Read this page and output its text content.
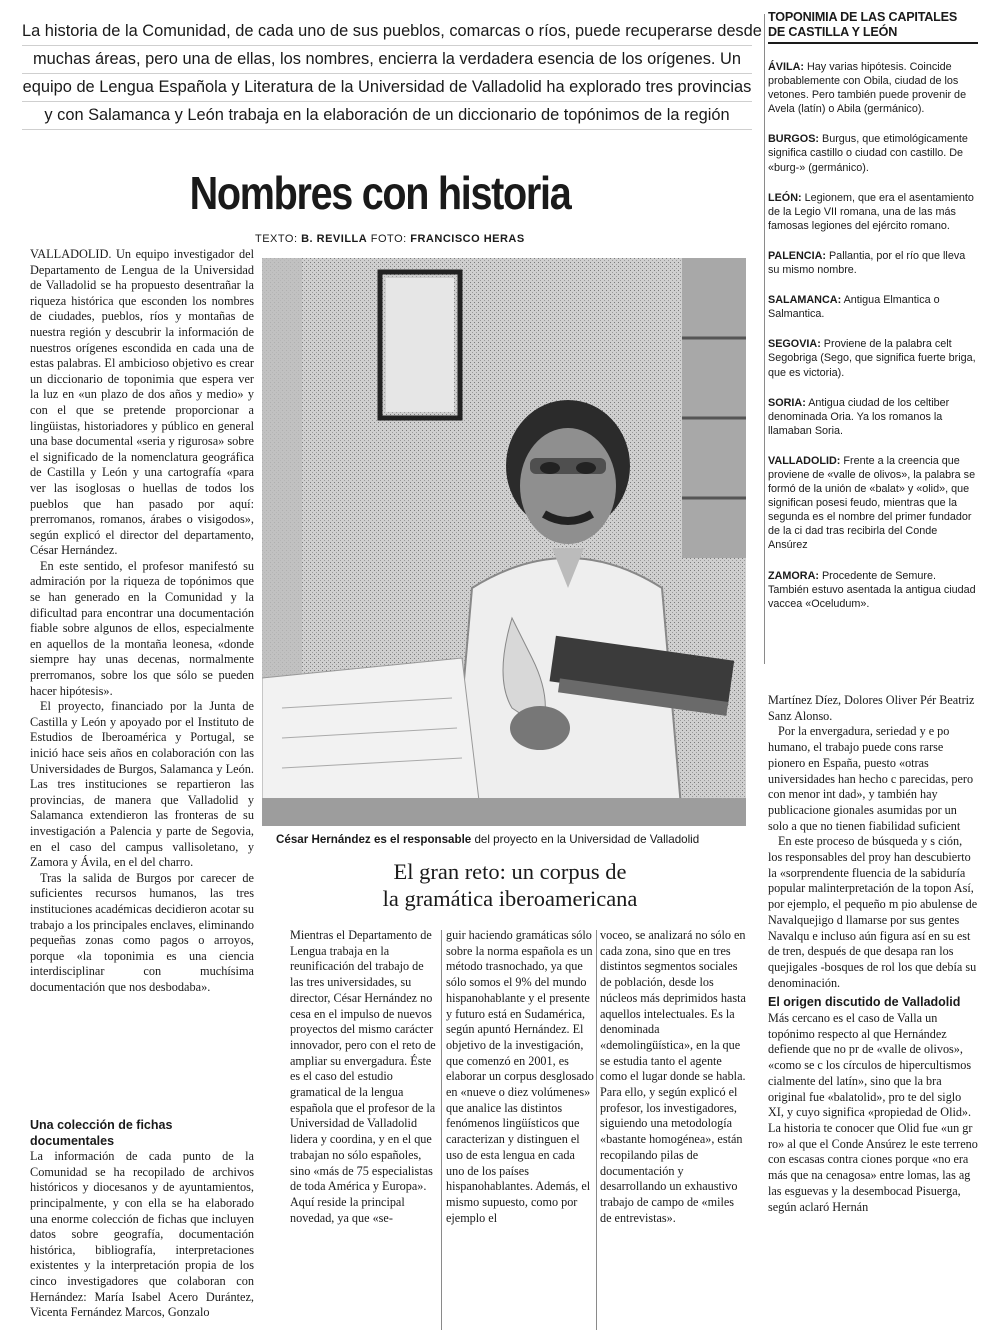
La historia de la Comunidad, de cada uno de sus pueblos, comarcas o ríos, puede recuperarse desde
muchas áreas, pero una de ellas, los nombres, encierra la verdadera esencia de los orígenes. Un
equipo de Lengua Española y Literatura de la Universidad de Valladolid ha explorado tres provincias
y con Salamanca y León trabaja en la elaboración de un diccionario de topónimos de la región
Nombres con historia
TEXTO: B. REVILLA FOTO: FRANCISCO HERAS

VALLADOLID. Un equipo investigador del Departamento de Lengua de la Universidad de Valladolid se ha propuesto desentrañar la riqueza histórica que esconden los nombres de ciudades, pueblos, ríos y montañas de nuestra región y descubrir la información de nuestros orígenes escondida en cada una de estas palabras. El ambicioso objetivo es crear un diccionario de toponimia que espera ver la luz en «un plazo de dos años y medio» y con el que se pretende proporcionar a lingüistas, historiadores y público en general una base documental «seria y rigurosa» sobre el significado de la nomenclatura geográfica de Castilla y León y una cartografía «para ver las isoglosas o huellas de todos los pueblos que han pasado por aquí: prerromanos, romanos, árabes o visigodos», según explicó el director del departamento, César Hernández.

En este sentido, el profesor manifestó su admiración por la riqueza de topónimos que se han generado en la Comunidad y la dificultad para encontrar una documentación fiable sobre algunos de ellos, especialmente en aquellos de la montaña leonesa, «donde siempre hay unas decenas, normalmente prerromanos, sobre los que sólo se pueden hacer hipótesis».

El proyecto, financiado por la Junta de Castilla y León y apoyado por el Instituto de Estudios de Iberoamérica y Portugal, se inició hace seis años en colaboración con las Universidades de Burgos, Salamanca y León. Las tres instituciones se repartieron las provincias, de manera que Valladolid y Salamanca extendieron las fronteras de su investigación a Palencia y parte de Segovia, en el caso del campus vallisoletano, y Zamora y Ávila, en el del charro.

Tras la salida de Burgos por carecer de suficientes recursos humanos, las tres instituciones académicas decidieron acotar su trabajo a los principales enclaves, eliminando pequeñas zonas como pagos o arroyos, porque «la toponimia es una ciencia interdisciplinar con muchísima documentación que nos desbodaba».

Una colección de fichas documentales

La información de cada punto de la Comunidad se ha recopilado de archivos históricos y diocesanos y de ayuntamientos, principalmente, y con ella se ha elaborado una enorme colección de fichas que incluyen datos sobre geografía, documentación histórica, bibliografía, interpretaciones existentes y la interpretación propia de los cinco investigadores que colaboran con Hernández: María Isabel Acero Durántez, Vicenta Fernández Marcos, Gonzalo

César Hernández es el responsable del proyecto en la Universidad de Valladolid
El gran reto: un corpus de
la gramática iberoamericana

Mientras el Departamento de Lengua trabaja en la reunificación del trabajo de las tres universidades, su director, César Hernández no cesa en el impulso de nuevos proyectos del mismo carácter innovador, pero con el reto de ampliar su envergadura. Éste es el caso del estudio gramatical de la lengua española que el profesor de la Universidad de Valladolid lidera y coordina, y en el que trabajan no sólo españoles, sino «más de 75 especialistas de toda América y Europa». Aquí reside la principal novedad, ya que «se-

guir haciendo gramáticas sólo sobre la norma española es un método trasnochado, ya que sólo somos el 9% del mundo hispanohablante y el presente y futuro está en Sudamérica, según apuntó Hernández. El objetivo de la investigación, que comenzó en 2001, es elaborar un corpus desglosado en «nueve o diez volúmenes» que analice las distintos fenómenos lingüísticos que caracterizan y distinguen el uso de esta lengua en cada uno de los países hispanohablantes. Además, el mismo supuesto, como por ejemplo el

voceo, se analizará no sólo en cada zona, sino que en tres distintos segmentos sociales de población, desde los núcleos más deprimidos hasta aquellos intelectuales. Es la denominada «demolingüística», en la que se estudia tanto el agente como el lugar donde se habla. Para ello, y según explicó el profesor, los investigadores, siguiendo una metodología «bastante homogénea», están recopilando pilas de documentación y desarrollando un exhaustivo trabajo de campo de «miles de entrevistas».

TOPONIMIA DE LAS CAPITALES
DE CASTILLA Y LEÓN
ÁVILA: Hay varias hipótesis. Coincide probablemente con Obila, ciudad de los vetones. Pero también puede provenir de Avela (latín) o Abila (germánico).
BURGOS: Burgus, que etimológicamente significa castillo o ciudad con castillo. De «burg-» (germánico).
LEÓN: Legionem, que era el asentamiento de la Legio VII romana, una de las más famosas legiones del ejército romano.
PALENCIA: Pallantia, por el río que lleva su mismo nombre.
SALAMANCA: Antigua Elmantica o Salmantica.
SEGOVIA: Proviene de la palabra celt Segobriga (Sego, que significa fuerte briga, que es victoria).
SORIA: Antigua ciudad de los celtiber denominada Oria. Ya los romanos la llamaban Soria.
VALLADOLID: Frente a la creencia que proviene de «valle de olivos», la palabra se formó de la unión de «balat» y «olid», que significan posesi feudo, mientras que la segunda es el nombre del primer fundador de la ci dad tras recibirla del Conde Ansúrez
ZAMORA: Procedente de Semure. También estuvo asentada la antigua ciudad vaccea «Oceludum».

Martínez Díez, Dolores Oliver Pér Beatriz Sanz Alonso.

Por la envergadura, seriedad y e po humano, el trabajo puede cons rarse pionero en España, puesto «otras universidades han hecho c parecidas, pero con menor int dad», y también hay publicacione gionales asumidas por un solo a que no tienen fiabilidad suficient

En este proceso de búsqueda y s ción, los responsables del proy han descubierto la «sorprendente fluencia de la sabiduría popular malinterpretación de la topon Así, por ejemplo, el pequeño m pio abulense de Navalquejigo d llamarse por sus gentes Navalqu e incluso aún figura así en su est de tren, después de que desapa ran los quejigales -bosques de rol los que debía su denominación.

El origen discutido de Valladolid

Más cercano es el caso de Valla un topónimo respecto al que Hernández defiende que no pr de «valle de olivos», «como se c los círculos de hipercultismos cialmente del latín», sino que la bra original fue «balatolid», pro te del siglo XI, y cuyo significa «propiedad de Olid». La historia te conocer que Olid fue «un gr ro» al que el Conde Ansúrez le este terreno con escasas contra ciones porque «no era más que na cenagosa» entre lomas, las ag las esguevas y la desembocad Pisuerga, según aclaró Hernán
